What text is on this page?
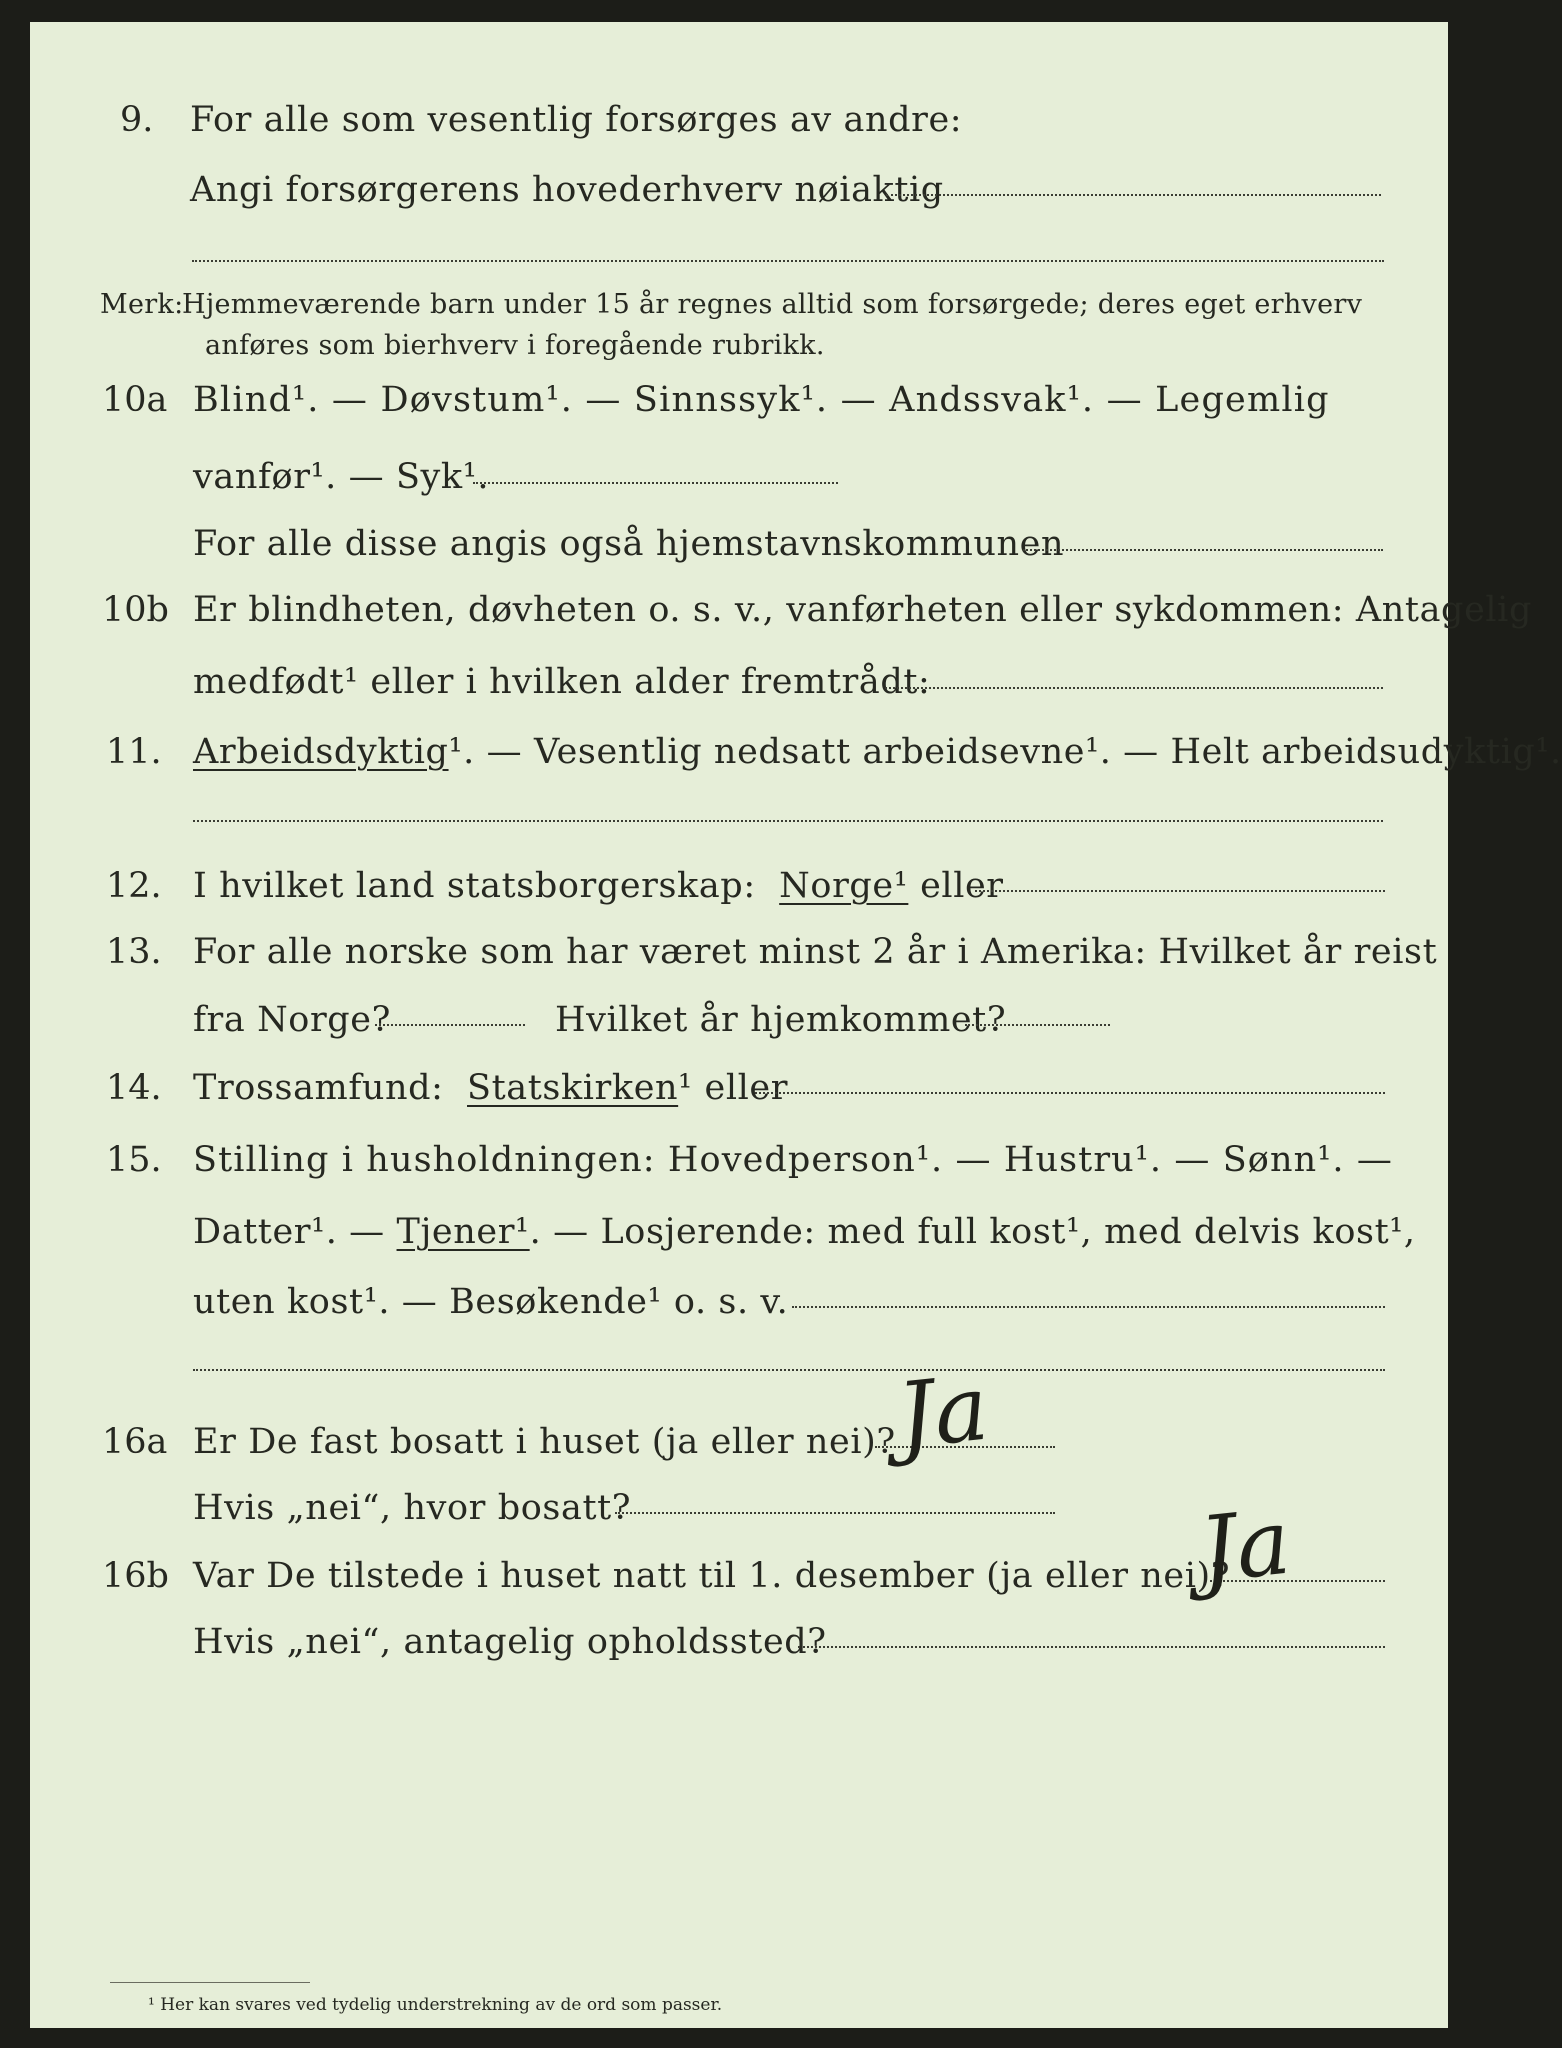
9. For alle som vesentlig forsørges av andre:
Angi forsørgerens hovederhverv nøiaktig
Merk:
Hjemmeværende barn under 15 år regnes alltid som forsørgede; deres eget erhverv
anføres som bierhverv i foregående rubrikk.
10a Blind¹. — Døvstum¹. — Sinnssyk¹. — Andssvak¹. — Legemlig
vanfør¹. — Syk¹.
For alle disse angis også hjemstavnskommunen
10b Er blindheten, døvheten o. s. v., vanførheten eller sykdommen: Antagelig
medfødt¹ eller i hvilken alder fremtrådt:
11. Arbeidsdyktig¹. — Vesentlig nedsatt arbeidsevne¹. — Helt arbeidsudyktig¹.
12. I hvilket land statsborgerskap: Norge¹ eller
13. For alle norske som har været minst 2 år i Amerika: Hvilket år reist
fra Norge?	Hvilket år hjemkommet?
14. Trossamfund: Statskirken¹ eller
15. Stilling i husholdningen: Hovedperson¹. — Hustru¹. — Sønn¹. —
Datter¹. — Tjener¹. — Losjerende: med full kost¹, med delvis kost¹,
uten kost¹. — Besøkende¹ o. s. v.
16a Er De fast bosatt i huset (ja eller nei)?
Ja
Hvis „nei“, hvor bosatt?
16b Var De tilstede i huset natt til 1. desember (ja eller nei)?
Ja
Hvis „nei“, antagelig opholdssted?
¹ Her kan svares ved tydelig understrekning av de ord som passer.
